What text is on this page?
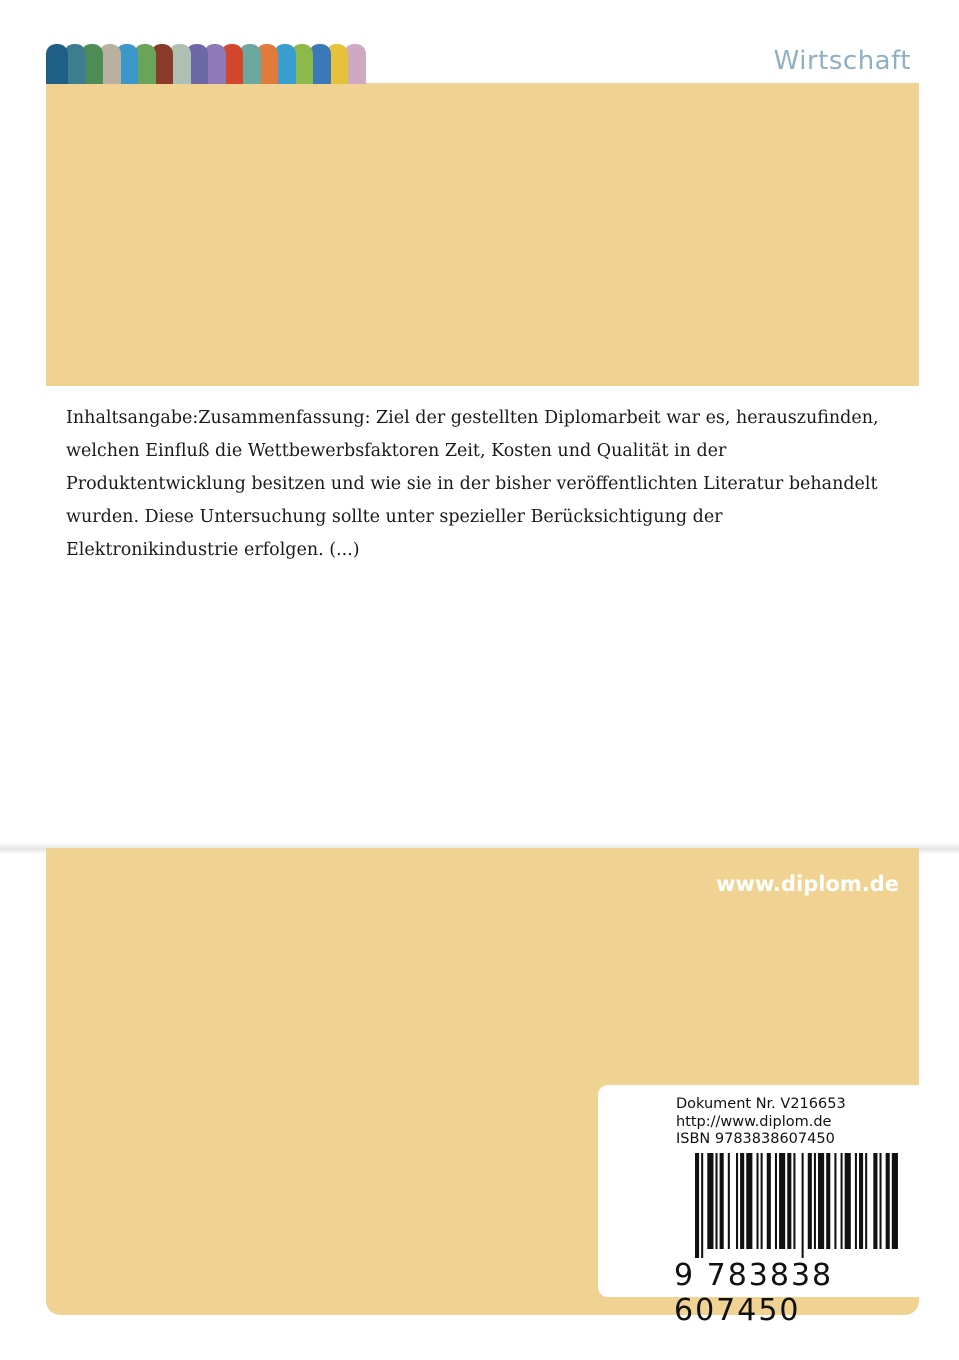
Wirtschaft
Inhaltsangabe:Zusammenfassung: Ziel der gestellten Diplomarbeit war es, herauszufinden,
welchen Einfluß die Wettbewerbsfaktoren Zeit, Kosten und Qualität in der
Produktentwicklung besitzen und wie sie in der bisher veröffentlichten Literatur behandelt
wurden. Diese Untersuchung sollte unter spezieller Berücksichtigung der
Elektronikindustrie erfolgen. (...)
www.diplom.de
Dokument Nr. V216653
http://www.diplom.de
ISBN 9783838607450
9 783838 607450
